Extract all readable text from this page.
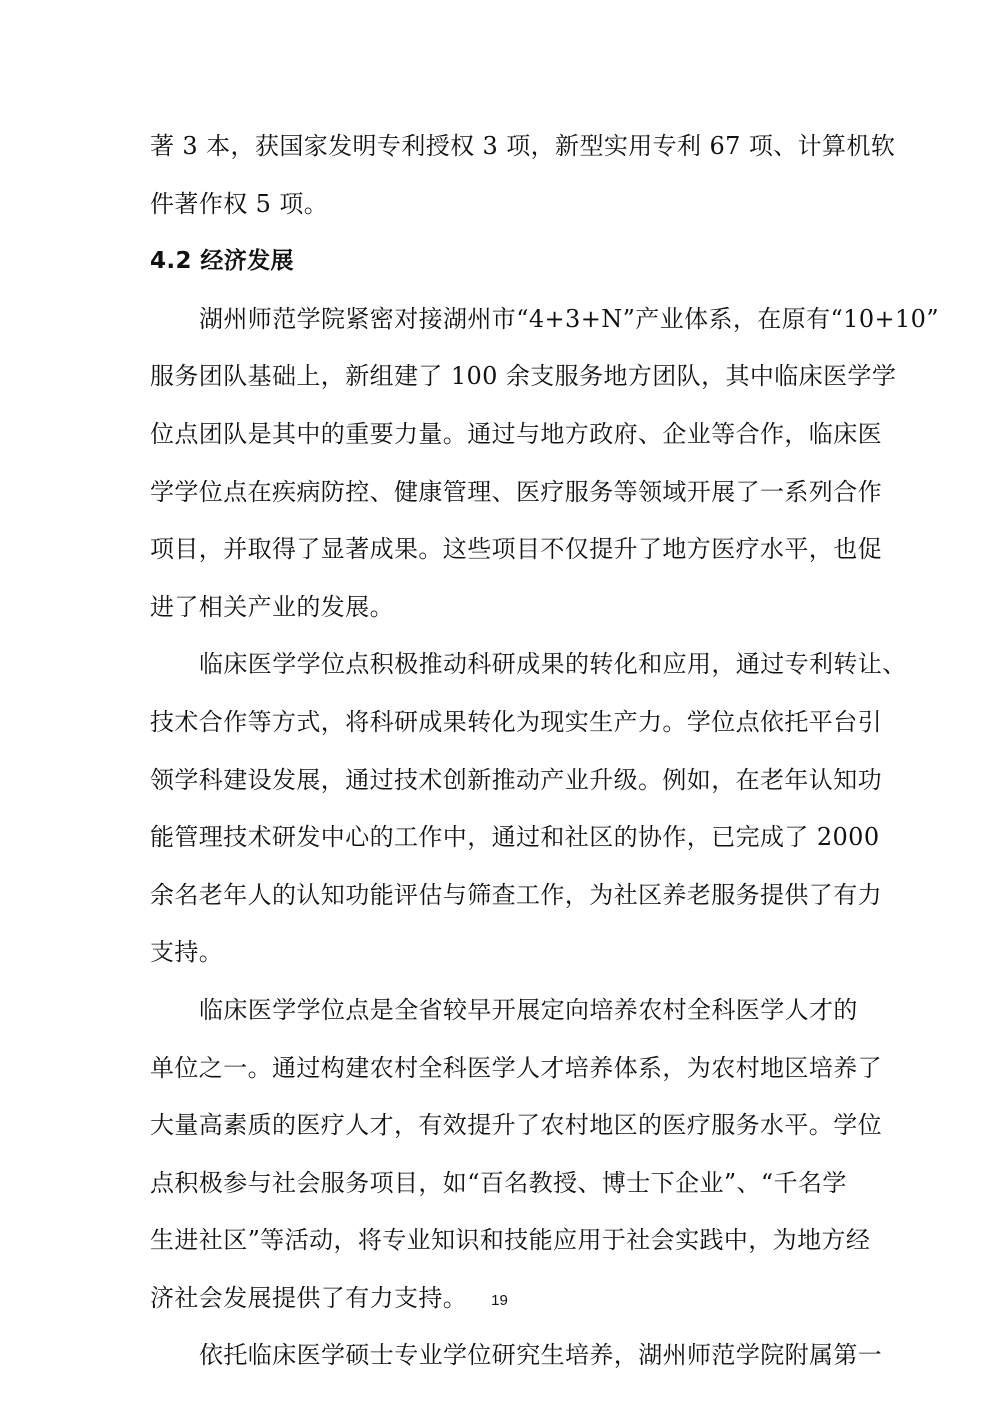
著 3 本，获国家发明专利授权 3 项，新型实用专利 67 项、计算机软
件著作权 5 项。
4.2 经济发展
湖州师范学院紧密对接湖州市“4+3+N”产业体系，在原有“10+10”
服务团队基础上，新组建了 100 余支服务地方团队，其中临床医学学
位点团队是其中的重要力量。通过与地方政府、企业等合作，临床医
学学位点在疾病防控、健康管理、医疗服务等领域开展了一系列合作
项目，并取得了显著成果。这些项目不仅提升了地方医疗水平，也促
进了相关产业的发展。
临床医学学位点积极推动科研成果的转化和应用，通过专利转让、
技术合作等方式，将科研成果转化为现实生产力。学位点依托平台引
领学科建设发展，通过技术创新推动产业升级。例如，在老年认知功
能管理技术研发中心的工作中，通过和社区的协作，已完成了 2000
余名老年人的认知功能评估与筛查工作，为社区养老服务提供了有力
支持。
临床医学学位点是全省较早开展定向培养农村全科医学人才的
单位之一。通过构建农村全科医学人才培养体系，为农村地区培养了
大量高素质的医疗人才，有效提升了农村地区的医疗服务水平。学位
点积极参与社会服务项目，如“百名教授、博士下企业”、“千名学
生进社区”等活动，将专业知识和技能应用于社会实践中，为地方经
济社会发展提供了有力支持。
依托临床医学硕士专业学位研究生培养，湖州师范学院附属第一
19
